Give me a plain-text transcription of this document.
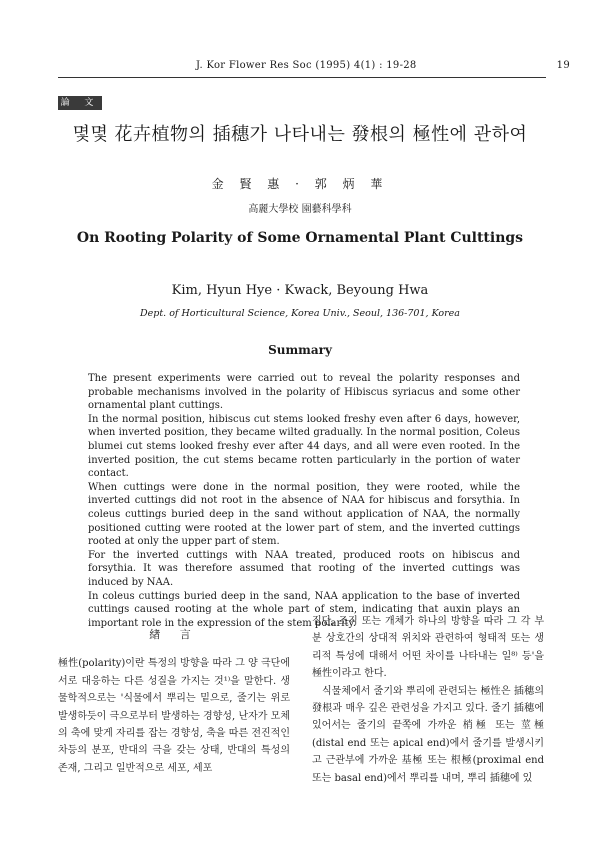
J. Kor Flower Res Soc (1995) 4(1) : 19-28	19
論 文
몇몇 花卉植物의 插穗가 나타내는 發根의 極性에 관하여
金 賢 惠 · 郭 炳 華
高麗大學校 園藝科學科
On Rooting Polarity of Some Ornamental Plant Culttings
Kim, Hyun Hye · Kwack, Beyoung Hwa
Dept. of Horticultural Science, Korea Univ., Seoul, 136-701, Korea
Summary

The present experiments were carried out to reveal the polarity responses and probable mechanisms involved in the polarity of Hibiscus syriacus and some other ornamental plant cuttings.

In the normal position, hibiscus cut stems looked freshy even after 6 days, however, when inverted position, they became wilted gradually. In the normal position, Coleus blumei cut stems looked freshy ever after 44 days, and all were even rooted. In the inverted position, the cut stems became rotten particularly in the portion of water contact.

When cuttings were done in the normal position, they were rooted, while the inverted cuttings did not root in the absence of NAA for hibiscus and forsythia. In coleus cuttings buried deep in the sand without application of NAA, the normally positioned cutting were rooted at the lower part of stem, and the inverted cuttings rooted at only the upper part of stem.

For the inverted cuttings with NAA treated, produced roots on hibiscus and forsythia. It was therefore assumed that rooting of the inverted cuttings was induced by NAA.

In coleus cuttings buried deep in the sand, NAA application to the base of inverted cuttings caused rooting at the whole part of stem, indicating that auxin plays an important role in the expression of the stem polarity.

緖 言

極性(polarity)이란 특정의 방향을 따라 그 양 극단에 서로 대응하는 다른 성질을 가지는 것¹⁾을 말한다. 생물학적으로는 '식물에서 뿌리는 밑으로, 줄기는 위로 발생하듯이 극으로부터 발생하는 경향성, 난자가 모체의 축에 맞게 자리를 잡는 경향성, 축을 따른 전진적인 차등의 분포, 반대의 극을 갖는 상태, 반대의 특성의 존재, 그리고 일반적으로 세포, 세포

집단, 조직 또는 개체가 하나의 방향을 따라 그 각 부분 상호간의 상대적 위치와 관련하여 형태적 또는 생리적 특성에 대해서 어떤 차이를 나타내는 일⁸⁾ 등'을 極性이라고 한다.

식물체에서 줄기와 뿌리에 관련되는 極性은 插穗의 發根과 매우 깊은 관련성을 가지고 있다. 줄기 插穗에 있어서는 줄기의 끝쪽에 가까운 梢極 또는 莖極(distal end 또는 apical end)에서 줄기를 발생시키고 근관부에 가까운 基極 또는 根極(proximal end 또는 basal end)에서 뿌리를 내며, 뿌리 插穗에 있
